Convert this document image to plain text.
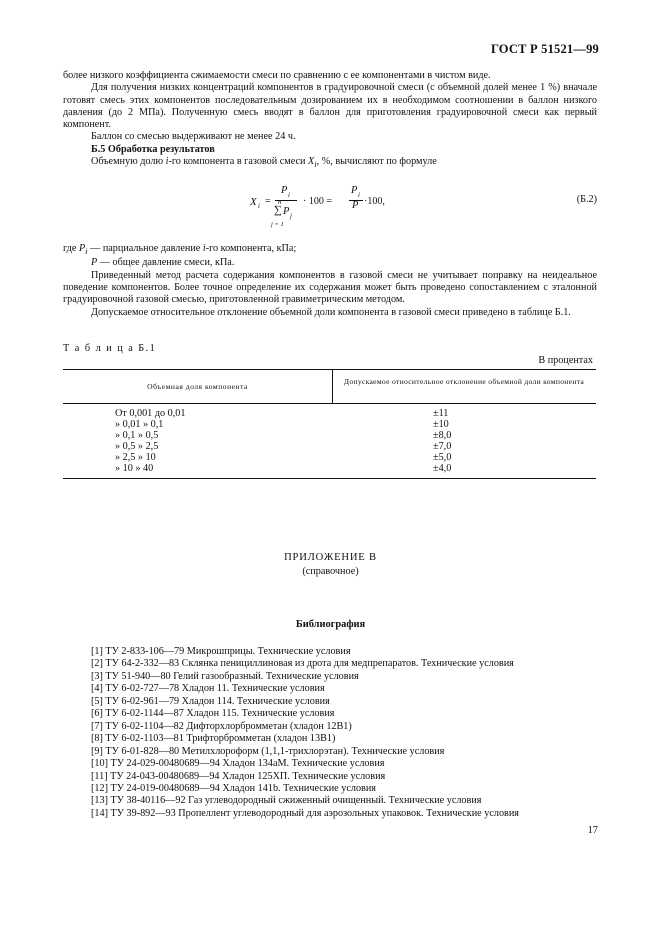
ГОСТ Р 51521—99

более низкого коэффициента сжимаемости смеси по сравнению с ее компонентами в чистом виде.

Для получения низких концентраций компонентов в градуировочной смеси (с объемной долей менее 1 %) вначале готовят смесь этих компонентов последовательным дозированием их в необходимом соотношении в баллон низкого давления (до 2 МПа). Полученную смесь вводят в баллон для приготовления градуировочной смеси как первый компонент.

Баллон со смесью выдерживают не менее 24 ч.

Б.5 Обработка результатов

Объемную долю i-го компонента в газовой смеси $X_i$, %, вычисляют по формуле

X i =
P i
n
∑ P j
j = 1
· 100 =
P i
P ·100,	(Б.2)

где $P_i$ — парциальное давление i-го компонента, кПа;

P — общее давление смеси, кПа.

Приведенный метод расчета содержания компонентов в газовой смеси не учитывает поправку на неидеальное поведение компонентов. Более точное определение их содержания может быть проведено сопоставлением с эталонной градуировочной газовой смесью, приготовленной гравиметрическим методом.

Допускаемое относительное отклонение объемной доли компонента в газовой смеси приведено в таблице Б.1.

Т а б л и ц а Б.1
В процентах
Объемная доля компонента
Допускаемое относительное отклонение объемной доли компонента
От 0,001 до 0,01
» 0,01 » 0,1
» 0,1 » 0,5
» 0,5 » 2,5
» 2,5 » 10
» 10 » 40
±11
±10
±8,0
±7,0
±5,0
±4,0
ПРИЛОЖЕНИЕ В
(справочное)
Библиография
[1] ТУ 2-833-106—79 Микрошприцы. Технические условия
[2] ТУ 64-2-332—83 Склянка пенициллиновая из дрота для медпрепаратов. Технические условия
[3] ТУ 51-940—80 Гелий газообразный. Технические условия
[4] ТУ 6-02-727—78 Хладон 11. Технические условия
[5] ТУ 6-02-961—79 Хладон 114. Технические условия
[6] ТУ 6-02-1144—87 Хладон 115. Технические условия
[7] ТУ 6-02-1104—82 Дифторхлорбромметан (хладон 12В1)
[8] ТУ 6-02-1103—81 Трифторбромметан (хладон 13В1)
[9] ТУ 6-01-828—80 Метилхлороформ (1,1,1-трихлорэтан). Технические условия
[10] ТУ 24-029-00480689—94 Хладон 134аМ. Технические условия
[11] ТУ 24-043-00480689—94 Хладон 125ХП. Технические условия
[12] ТУ 24-019-00480689—94 Хладон 141b. Технические условия
[13] ТУ 38-40116—92 Газ углеводородный сжиженный очищенный. Технические условия
[14] ТУ 39-892—93 Пропеллент углеводородный для аэрозольных упаковок. Технические условия
17
